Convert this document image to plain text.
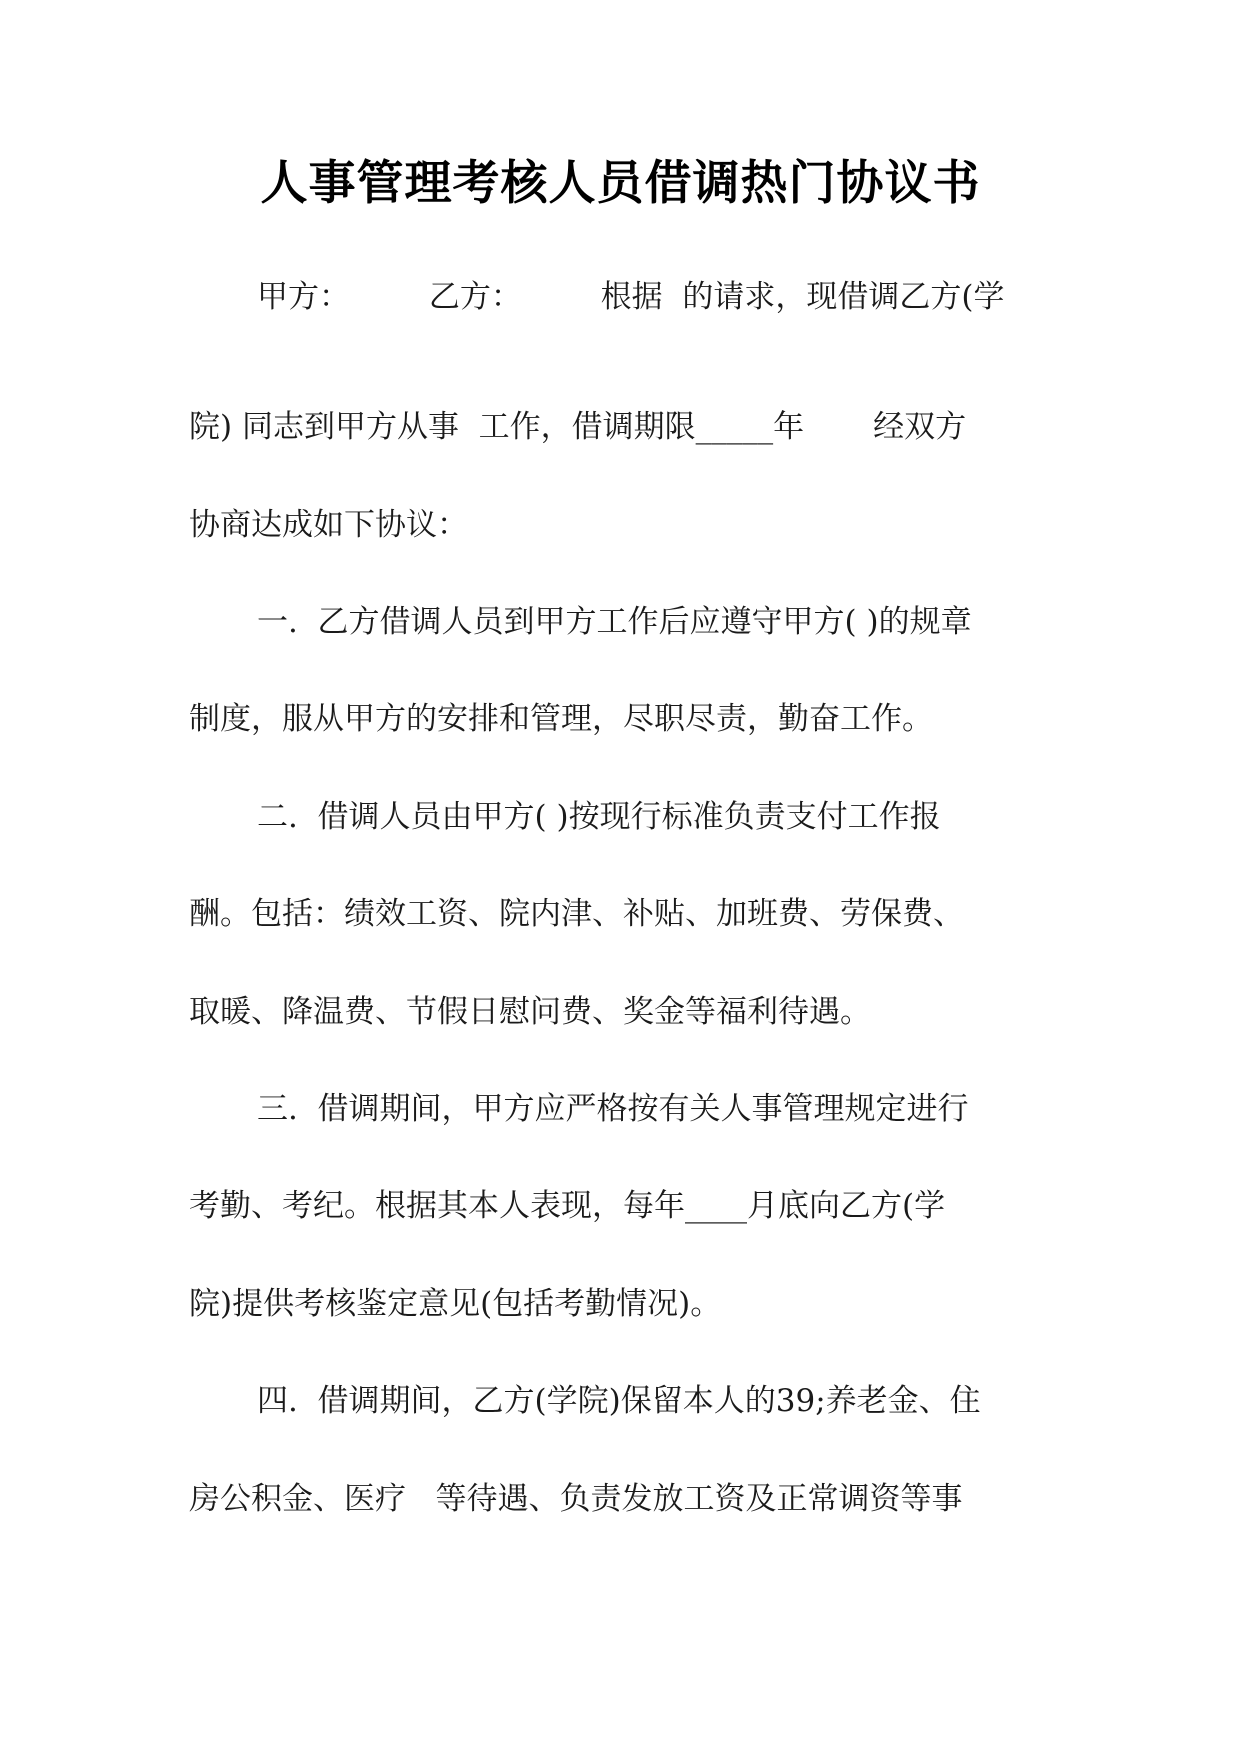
人事管理考核人员借调热门协议书
甲方：        乙方：        根据  的请求，现借调乙方(学
院) 同志到甲方从事  工作，借调期限_____年       经双方
协商达成如下协议：
一.  乙方借调人员到甲方工作后应遵守甲方( )的规章
制度，服从甲方的安排和管理，尽职尽责，勤奋工作。
二.  借调人员由甲方( )按现行标准负责支付工作报
酬。包括：绩效工资、院内津、补贴、加班费、劳保费、
取暖、降温费、节假日慰问费、奖金等福利待遇。
三.  借调期间，甲方应严格按有关人事管理规定进行
考勤、考纪。根据其本人表现，每年____月底向乙方(学
院)提供考核鉴定意见(包括考勤情况)。
四.  借调期间，乙方(学院)保留本人的39;养老金、住
房公积金、医疗   等待遇、负责发放工资及正常调资等事
